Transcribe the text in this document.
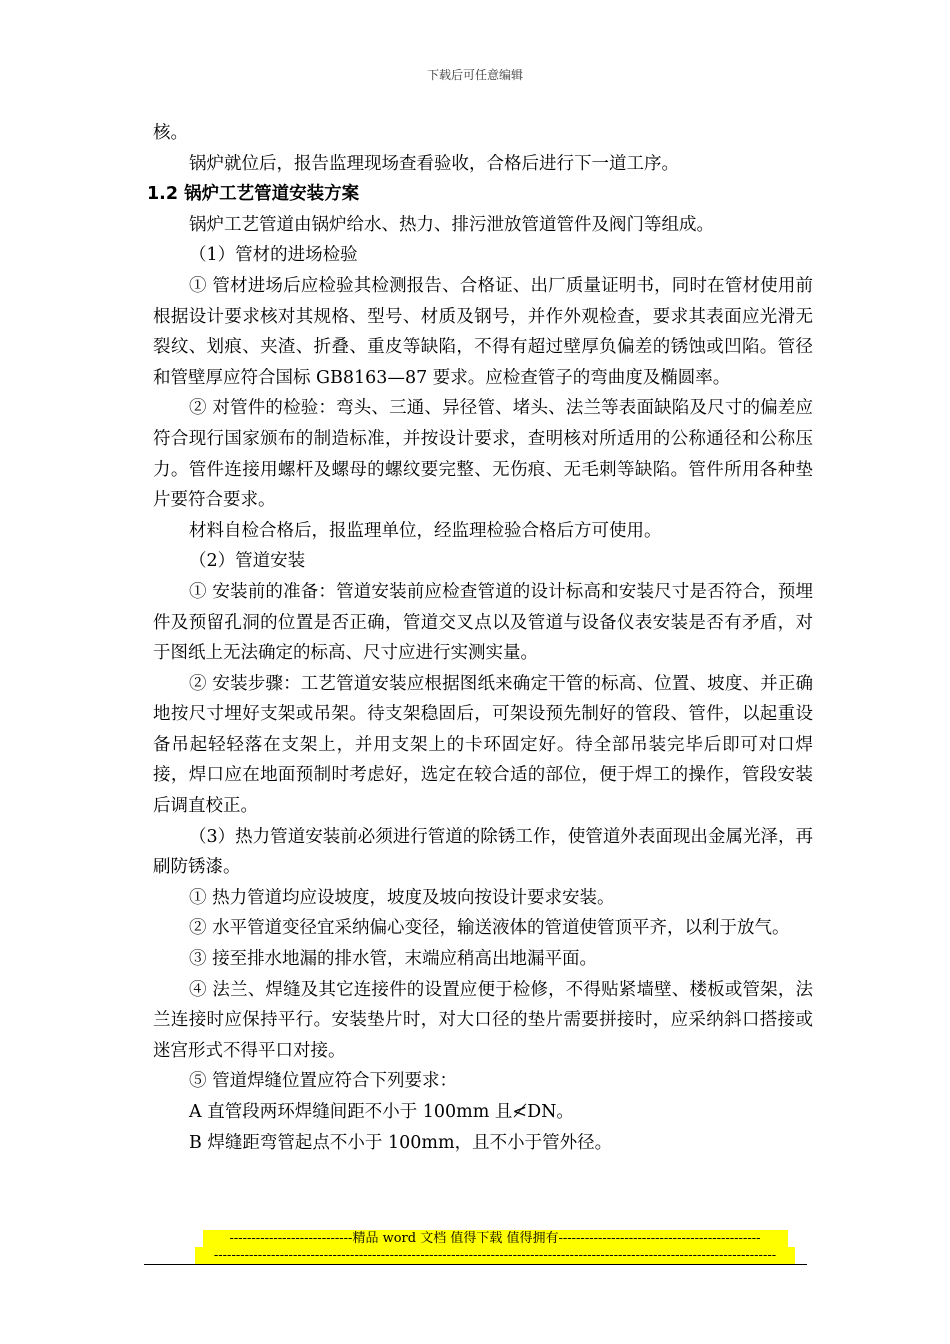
下载后可任意编辑

核。

锅炉就位后，报告监理现场查看验收，合格后进行下一道工序。

1.2 锅炉工艺管道安装方案

锅炉工艺管道由锅炉给水、热力、排污泄放管道管件及阀门等组成。

（1）管材的进场检验

① 管材进场后应检验其检测报告、合格证、出厂质量证明书，同时在管材使用前根据设计要求核对其规格、型号、材质及钢号，并作外观检查，要求其表面应光滑无裂纹、划痕、夹渣、折叠、重皮等缺陷，不得有超过壁厚负偏差的锈蚀或凹陷。管径和管壁厚应符合国标 GB8163—87 要求。应检查管子的弯曲度及椭圆率。

② 对管件的检验：弯头、三通、异径管、堵头、法兰等表面缺陷及尺寸的偏差应符合现行国家颁布的制造标准，并按设计要求，查明核对所适用的公称通径和公称压力。管件连接用螺杆及螺母的螺纹要完整、无伤痕、无毛刺等缺陷。管件所用各种垫片要符合要求。

材料自检合格后，报监理单位，经监理检验合格后方可使用。

（2）管道安装

① 安装前的准备：管道安装前应检查管道的设计标高和安装尺寸是否符合，预埋件及预留孔洞的位置是否正确，管道交叉点以及管道与设备仪表安装是否有矛盾，对于图纸上无法确定的标高、尺寸应进行实测实量。

② 安装步骤：工艺管道安装应根据图纸来确定干管的标高、位置、坡度、并正确地按尺寸埋好支架或吊架。待支架稳固后，可架设预先制好的管段、管件，以起重设备吊起轻轻落在支架上，并用支架上的卡环固定好。待全部吊装完毕后即可对口焊接，焊口应在地面预制时考虑好，选定在较合适的部位，便于焊工的操作，管段安装后调直校正。

（3）热力管道安装前必须进行管道的除锈工作，使管道外表面现出金属光泽，再刷防锈漆。

① 热力管道均应设坡度，坡度及坡向按设计要求安装。

② 水平管道变径宜采纳偏心变径，输送液体的管道使管顶平齐，以利于放气。

③ 接至排水地漏的排水管，末端应稍高出地漏平面。

④ 法兰、焊缝及其它连接件的设置应便于检修，不得贴紧墙壁、楼板或管架，法兰连接时应保持平行。安装垫片时，对大口径的垫片需要拼接时，应采纳斜口搭接或迷宫形式不得平口对接。

⑤ 管道焊缝位置应符合下列要求：

A 直管段两环焊缝间距不小于 100mm 且≮DN。

B 焊缝距弯管起点不小于 100mm，且不小于管外径。

----------------------------精品 word 文档 值得下载 值得拥有----------------------------------------------
--------------------------------------------------------------------------------------------------------------------------------
